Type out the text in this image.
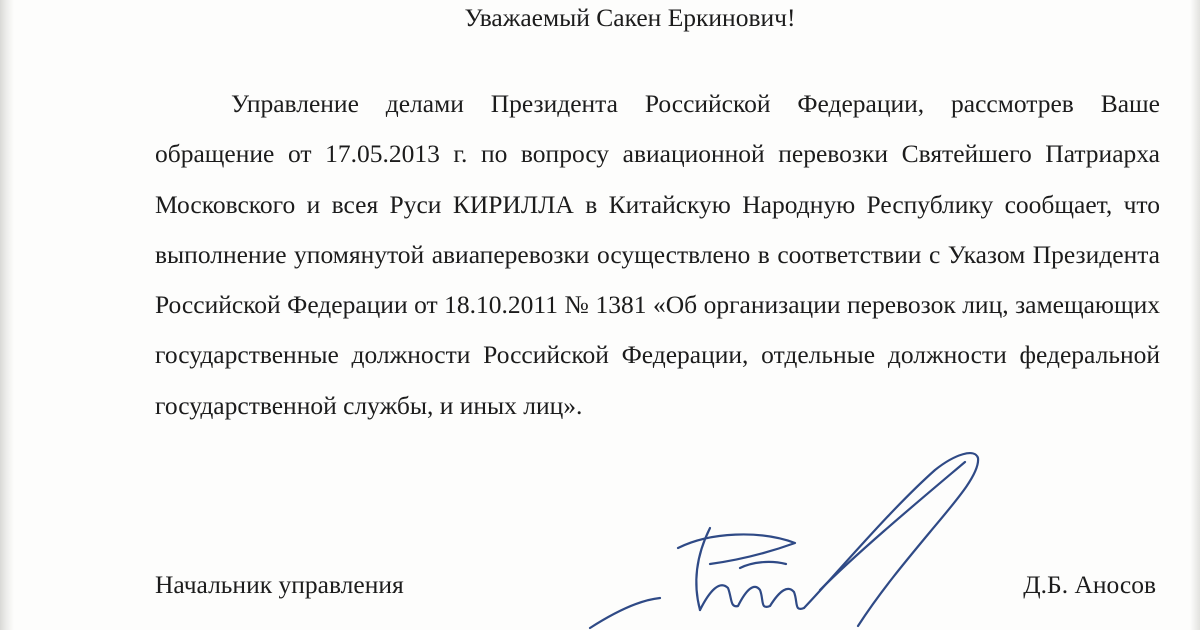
Уважаемый Сакен Еркинович!

Управление делами Президента Российской Федерации, рассмотрев Ваше обращение от 17.05.2013 г. по вопросу авиационной перевозки Святейшего Патриарха Московского и всея Руси КИРИЛЛА в Китайскую Народную Республику сообщает, что выполнение упомянутой авиаперевозки осуществлено в соответствии с Указом Президента Российской Федерации от 18.10.2011 № 1381 «Об организации перевозок лиц, замещающих государственные должности Российской Федерации, отдельные должности федеральной государственной службы, и иных лиц».

Начальник управления	Д.Б. Аносов
